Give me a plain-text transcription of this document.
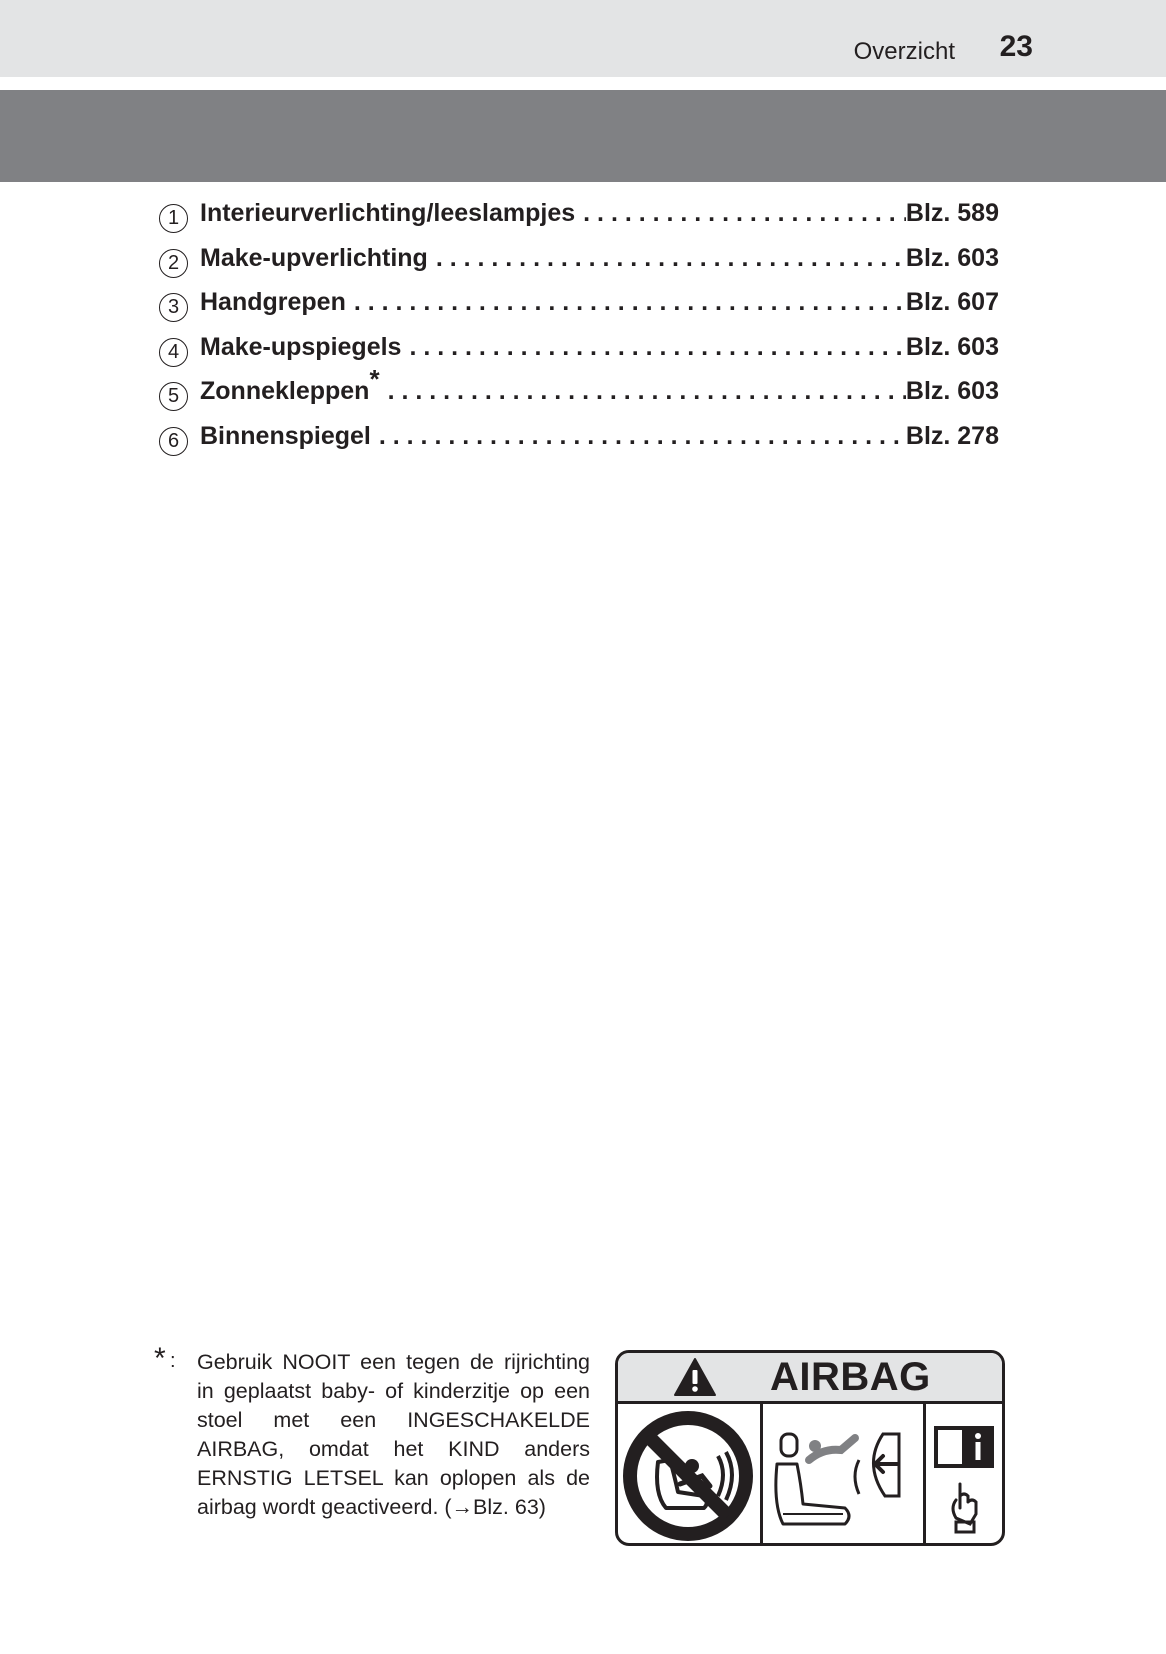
Overzicht 23
1 Interieurverlichting/leeslampjes . . .	Blz. 589
2 Make-upverlichting . . .	Blz. 603
3 Handgrepen . . .	Blz. 607
4 Make-upspiegels . . .	Blz. 603
5 Zonnekleppen* . . .	Blz. 603
6 Binnenspiegel . . .	Blz. 278
* : Gebruik NOOIT een tegen de rijrichting in geplaatst baby- of kinderzitje op een stoel met een INGESCHAKELDE AIRBAG, omdat het KIND anders ERNSTIG LETSEL kan oplopen als de airbag wordt geactiveerd. (→Blz. 63)
AIRBAG
